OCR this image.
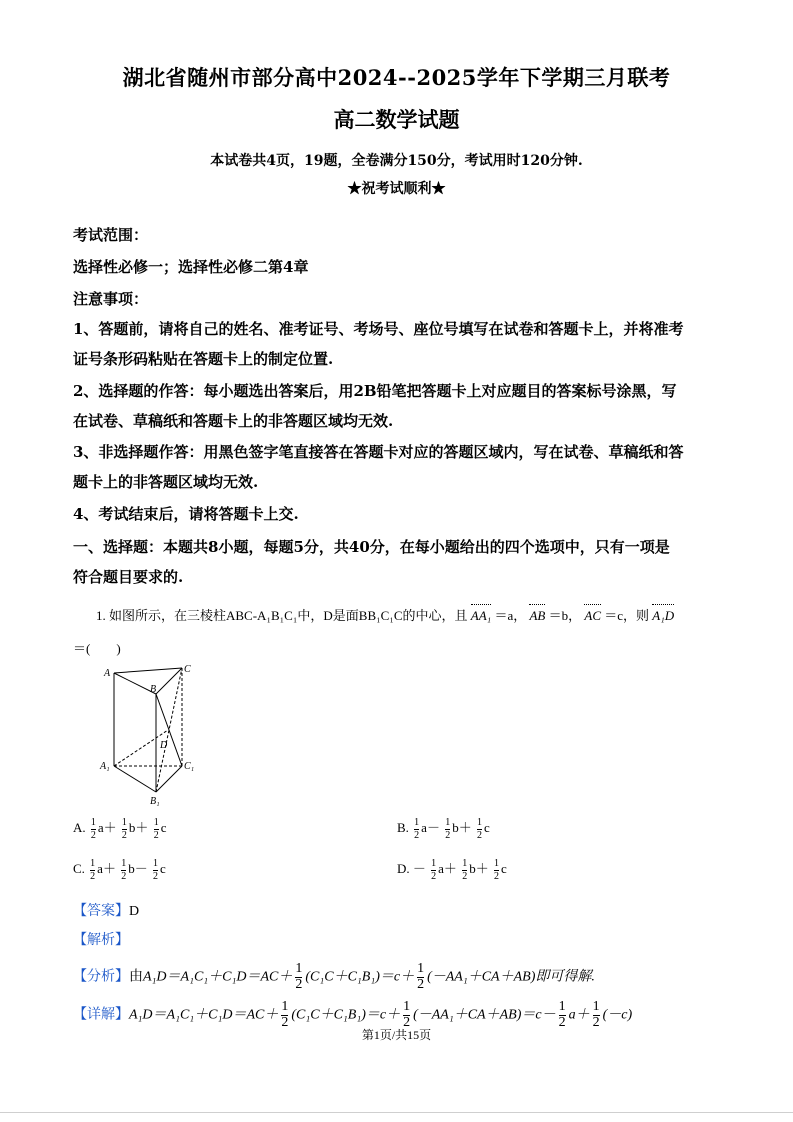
湖北省随州市部分高中2024--2025学年下学期三月联考
高二数学试题
本试卷共4页，19题，全卷满分150分，考试用时120分钟.
★祝考试顺利★
考试范围：
选择性必修一；选择性必修二第4章
注意事项：
1、答题前，请将自己的姓名、准考证号、考场号、座位号填写在试卷和答题卡上，并将准考
证号条形码粘贴在答题卡上的制定位置.
2、选择题的作答：每小题选出答案后，用2B铅笔把答题卡上对应题目的答案标号涂黑，写
在试卷、草稿纸和答题卡上的非答题区域均无效.
3、非选择题作答：用黑色签字笔直接答在答题卡对应的答题区域内，写在试卷、草稿纸和答
题卡上的非答题区域均无效.
4、考试结束后，请将答题卡上交.
一、选择题：本题共8小题，每题5分，共40分，在每小题给出的四个选项中，只有一项是
符合题目要求的.
1. 如图所示，在三棱柱ABC-A₁B₁C₁中，D是面BB₁C₁C的中心，且 AA₁ ＝a， AB ＝b， AC ＝c，则 A₁D
＝(　　)
A
B
C
D
A₁	C₁
B₁
A. $\frac{1}{2} a+ \frac{1}{2} b+ \frac{1}{2}$ c	B. $\frac{1}{2} a- \frac{1}{2} b+ \frac{1}{2}$ c
C. $\frac{1}{2} a+ \frac{1}{2} b- \frac{1}{2}$ c	D. － $\frac{1}{2} a+ \frac{1}{2} b+ \frac{1}{2}$ c
【答案】D
【解析】
【分析】由$A_1D=A_1C_1+C_1D=AC+ \frac{1}{2} (C_1C+C_1B_1)=c+ \frac{1}{2} (-AA_1+CA+AB)$即可得解.
【详解】$A_1D=A_1C_1+C_1D=AC+ \frac{1}{2} (C_1C+C_1B_1)=c+ \frac{1}{2} (-AA_1+CA+AB)=c- \frac{1}{2} a+ \frac{1}{2} (-c)$
第1页/共15页
